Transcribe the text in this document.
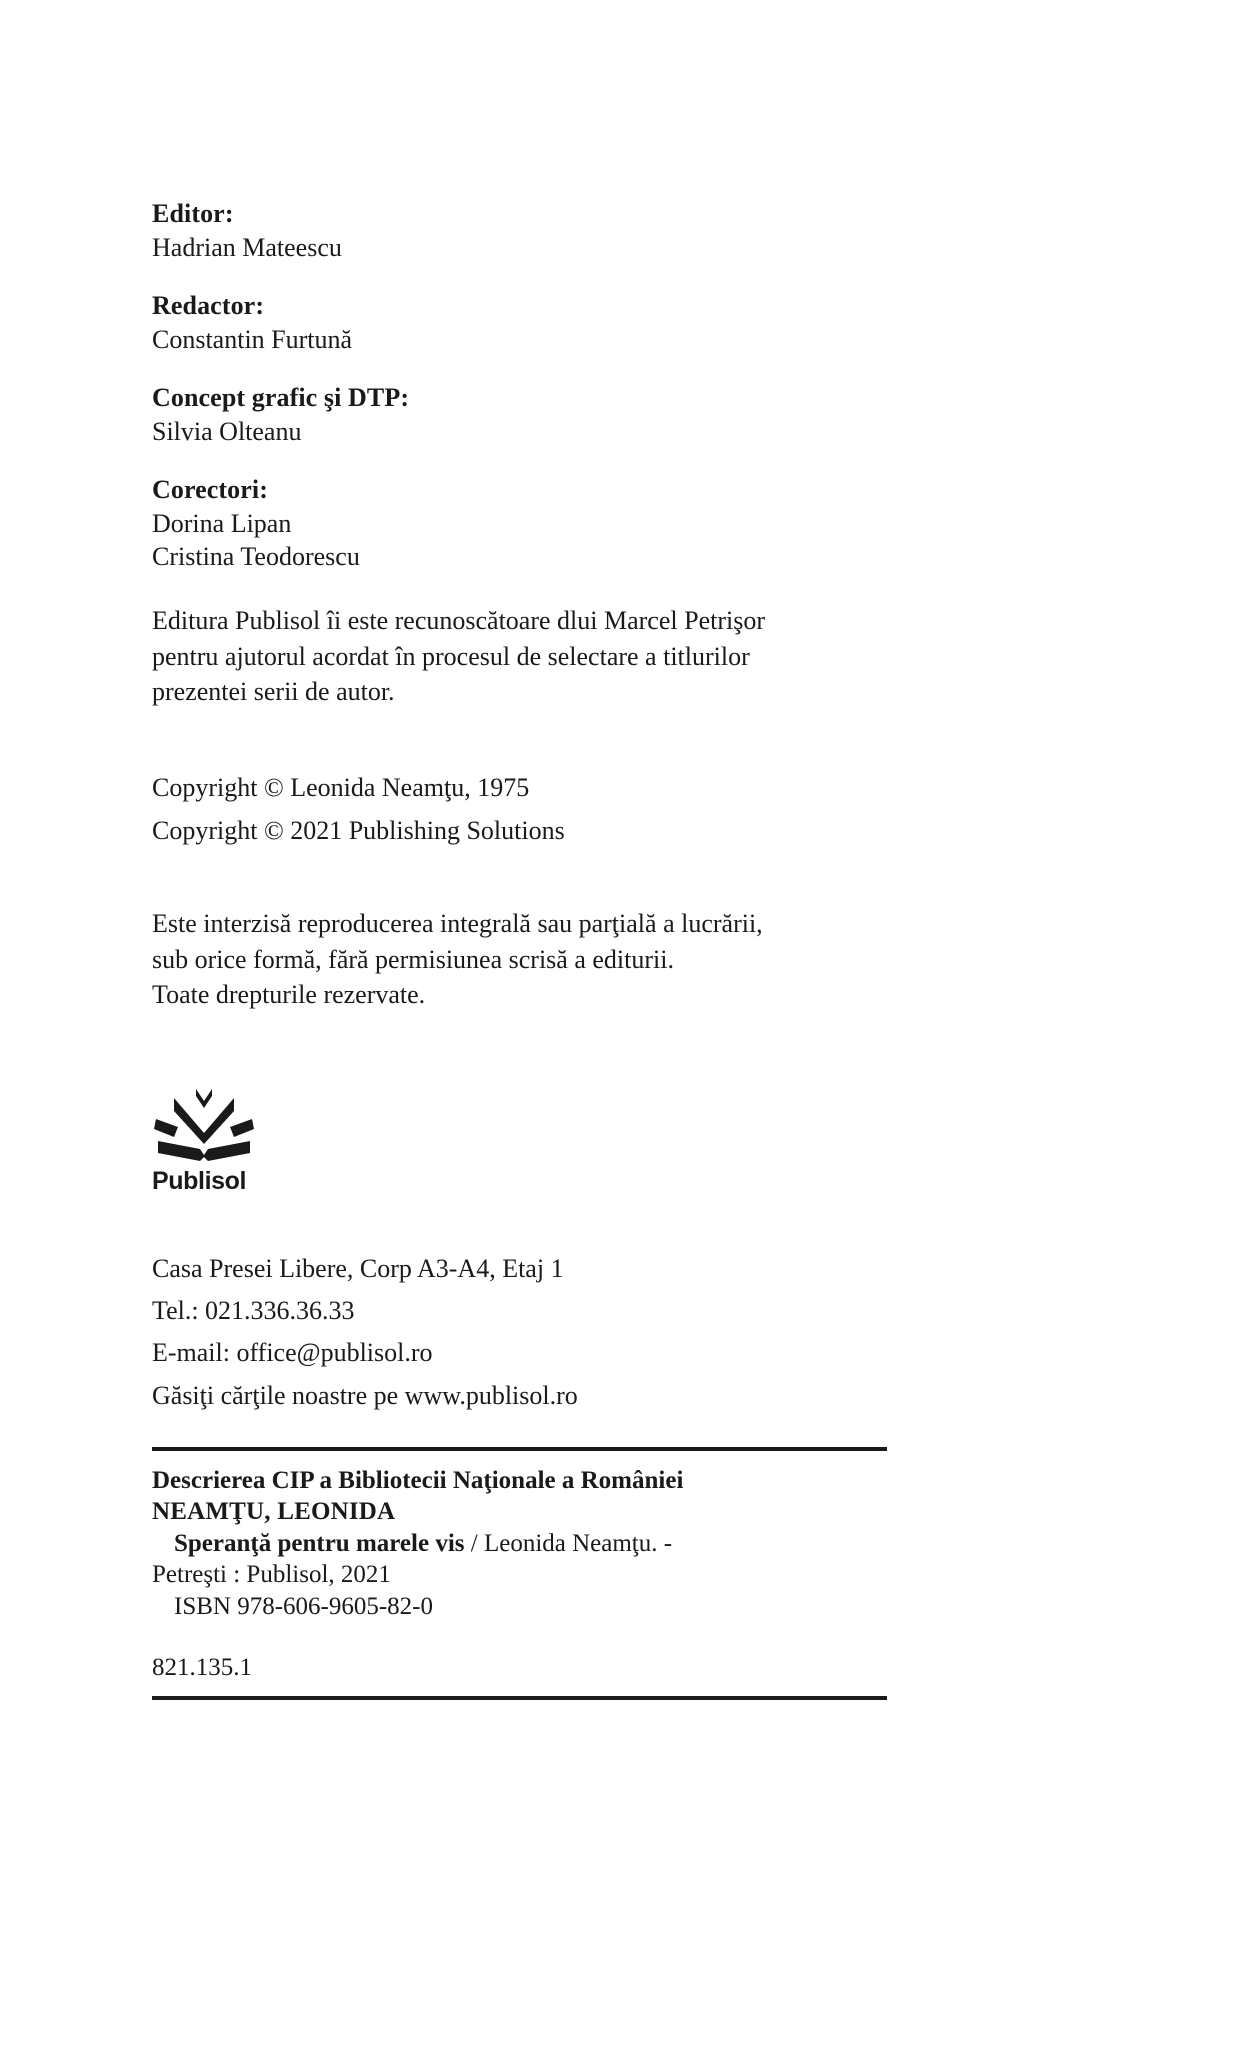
Editor:
Hadrian Mateescu
Redactor:
Constantin Furtună
Concept grafic şi DTP:
Silvia Olteanu
Corectori:
Dorina Lipan
Cristina Teodorescu
Editura Publisol îi este recunoscătoare dlui Marcel Petrişor
pentru ajutorul acordat în procesul de selectare a titlurilor
prezentei serii de autor.
Copyright © Leonida Neamţu, 1975
Copyright © 2021 Publishing Solutions
Este interzisă reproducerea integrală sau parţială a lucrării,
sub orice formă, fără permisiunea scrisă a edituriі.
Toate drepturile rezervate.
Publisol
Casa Presei Libere, Corp A3-A4, Etaj 1
Tel.: 021.336.36.33
E-mail: office@publisol.ro
Găsiţi cărţile noastre pe www.publisol.ro
Descrierea CIP a Bibliotecii Naţionale a României
NEAMŢU, LEONIDA
Speranţă pentru marele vis / Leonida Neamţu. -
Petreşti : Publisol, 2021
ISBN 978-606-9605-82-0
821.135.1
